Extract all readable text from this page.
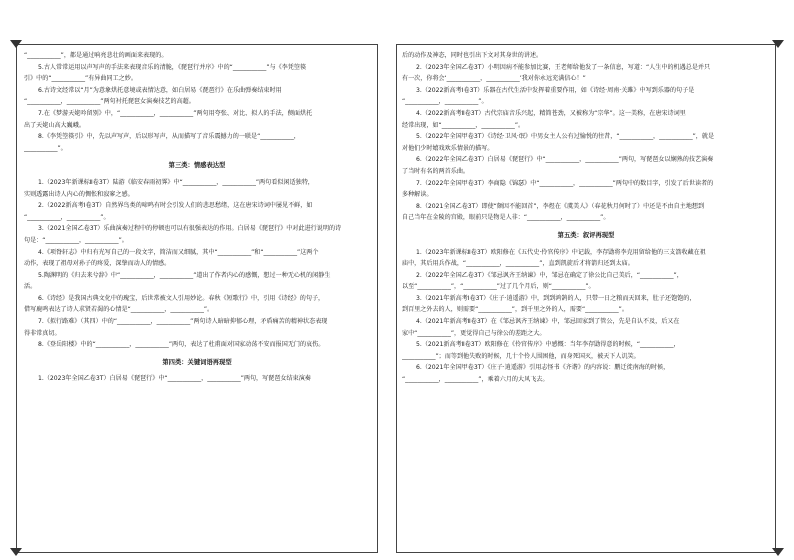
“___________”，都是通过响亮悲壮的画面来表现的。
5.古人常常运用以声写声的手法来表现音乐的清脆，《琵琶行并序》中的“___________”与《李凭箜篌
引》中的“___________”有异曲同工之妙。
6.古诗文经常以“月”为意象烘托意境或表情达意，如白居易《琵琶行》在乐曲弹奏结束时用
“___________，___________”两句衬托琵琶女演奏技艺的高超。
7.在《梦游天姥吟留别》中，“___________，___________”两句用夸张、对比、拟人的手法，侧面烘托
出了天姥山高大巍峨。
8.《李凭箜篌引》中，先以声写声，后以形写声，从而描写了音乐震撼力的一联是“___________，
___________”。
第三类：情感表达型
1.（2023年新课标Ⅱ卷3T）陆游《临安春雨初霁》中“___________，___________”两句看似闲适独特，
实则透露出诗人内心的惆怅和寂寥之感。
2.（2022新高考Ⅰ卷3T）自然界鸟类的啼鸣有时会引发人们的悲思愁绪，这在唐宋诗词中屡见不鲜，如
“___________，___________”。
3.（2021全国乙卷3T）乐曲演奏过程中的停顿也可以有很强表达的作用。白居易《琵琶行》中对此进行说明的诗
句是：“___________，___________”。
4.《项脊轩志》中归有光写自己的一段文字，简洁而又细腻，其中“___________”和“___________”这两个
动作，表现了祖母对孙子的疼爱，深挚而动人的情感。
5.陶渊明的《归去来兮辞》中“___________，___________”道出了作者内心的感慨，想过一种无心机的闲静生
活。
6.《诗经》是我国古典文化中的瑰宝，后世常被文人引用妙论。春秋《短歌行》中，引用《诗经》的句子，
借写鹿鸣表达了诗人求贤若渴的心情是“___________，___________”。
7.《拟行路难》（其四）中的“___________，___________”两句诗人暗暗抑郁心理，矛盾痛苦的精神状态表现
得非常真切。
8.《登岳阳楼》中的“___________，___________”两句，表达了杜甫面对国家动荡不安而报国无门的哀伤。
第四类：关键词语再现型
1.（2023年全国乙卷3T）白居易《琵琶行》中“___________，___________”两句，写琵琶女结束演奏
后的动作及神态，同时也引出下文对其身世的讲述。
2.（2023年全国乙卷3T）小明因病不能参加比赛，王老师给他发了一条信息，写道：“人生中的机遇总是并只
有一次，你将会‘___________，___________’我对你永远充满信心！”
3.（2022新高考Ⅰ卷3T）乐器在古代生活中发挥着重要作用，如《诗经·周南·关雎》中写到乐器的句子是
“___________，___________”。
4.（2022新高考Ⅱ卷3T）古代宗庙音乐兴起，精简苍劲，又被称为“宗华”。这一美称，在唐宋诗词里
经常出现，如“___________，___________”。
5.（2022年全国甲卷3T）《诗经·卫风·氓》中男女主人公有过愉悦的往昔，“___________，___________”，就是
对他们少时嬉戏欢乐情景的描写。
6.（2022年全国乙卷3T）白居易《琵琶行》中“___________，___________”两句，写琵琶女以娴熟的技艺演奏
了当时有名的两首乐曲。
7.（2022年全国甲卷3T）李商隐《锦瑟》中“___________，___________”两句中的数目字，引发了后世读者的
多种解读。
8.（2021全国乙卷3T）即使“颇因不能回首”，李煜在《虞美人》（春花秋月何时了）中还是不由自主地想到
自己当年在金陵的宫殿，眼前只是物是人非：“___________，___________”。
第五类：叙评再现型
1.（2023年新课标Ⅱ卷3T）欧阳修在《五代史·伶官传序》中记载，李存勖将李克用留给他的三支箭收藏在祖
庙中，其后用兵作战，“___________，___________”，直到凯旋后才将箭归还到太庙。
2.（2022年全国乙卷3T）《邹忌讽齐王纳谏》中，邹忌在确定了徐公比自己美后，“___________”，
以至“___________”，“___________”过了几个月后，则“___________”。
3.（2021年新高考Ⅰ卷3T）《庄子·逍遥游》中，到到鸿鹄的人，只带一日之粮而天回来，肚子还饱饱的，
到百里之外去的人，则需要“___________”，到千里之外的人，需要“___________”。
4.（2021年新高考Ⅱ卷3T）在《邹忌讽齐王纳谏》中，邹忌回家到了管公，先是自认不及，后又在
家中“___________”，更觉得自己与徐公的差距之大。
5.（2021新高考Ⅱ卷3T）欧阳修在《伶官传序》中感慨：当年李存勖得意的时候，“___________，
___________”；而等到他失败的时候，几十个伶人围困他，而身死国灭，被天下人讥笑。
6.（2021年全国甲卷3T）《庄子·逍遥游》引用志怪书《齐谐》的内容说：鹏迁徙南海的时候，
“___________，___________”，乘着六月的大风飞去。
